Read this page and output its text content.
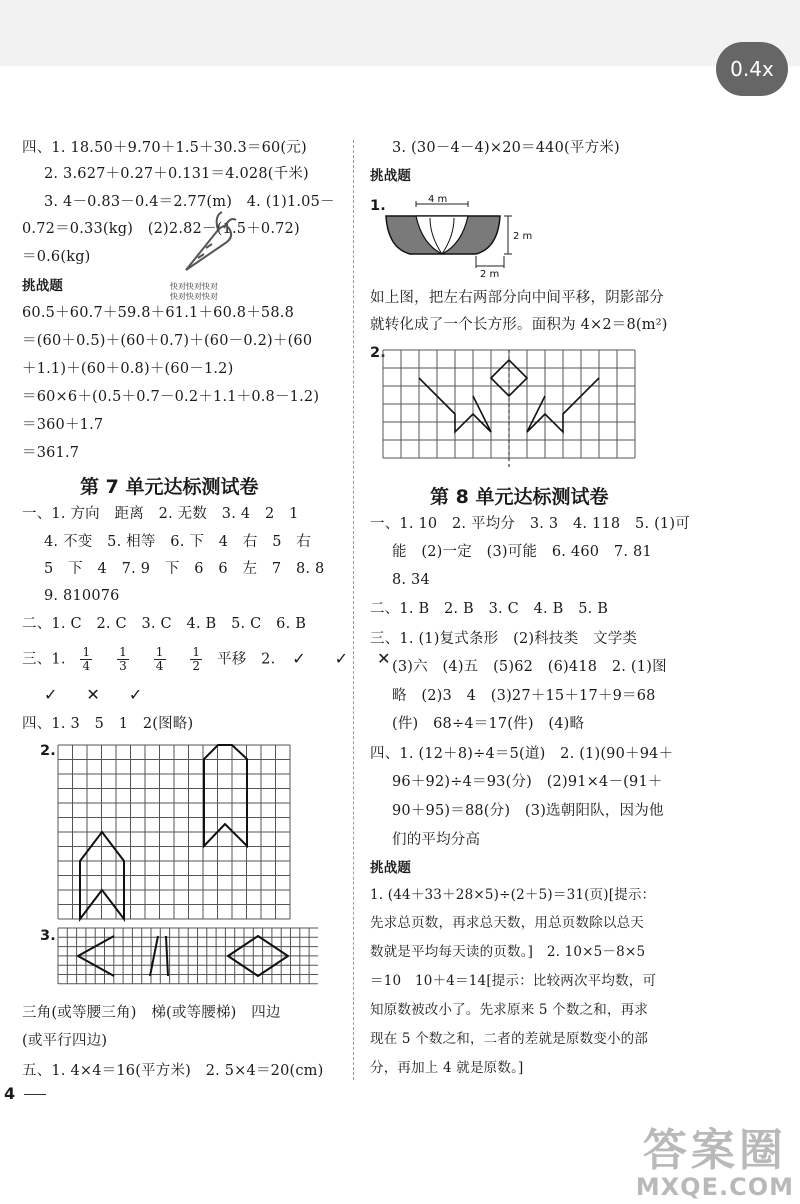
0.4x
四、1. 18.50＋9.70＋1.5＋30.3＝60(元)
2. 3.627＋0.27＋0.131＝4.028(千米)
3. 4－0.83－0.4＝2.77(m)　4. (1)1.05－
0.72＝0.33(kg)　(2)2.82－(1.5＋0.72)
＝0.6(kg)
快对快对快对
快对快对快对
挑战题
60.5＋60.7＋59.8＋61.1＋60.8＋58.8
＝(60＋0.5)＋(60＋0.7)＋(60－0.2)＋(60
＋1.1)＋(60＋0.8)＋(60－1.2)
＝60×6＋(0.5＋0.7－0.2＋1.1＋0.8－1.2)
＝360＋1.7
＝361.7
第 7 单元达标测试卷
一、1. 方向　距离　2. 无数　3. 4　2　1
4. 不变　5. 相等　6. 下　4　右　5　右
5　下　4　7. 9　下　6　6　左　7　8. 8
9. 810076
二、1. C　2. C　3. C　4. B　5. C　6. B
三、1. $\frac{1}{4}$
$\frac{1}{3}$
$\frac{1}{4}$
$\frac{1}{2}$ 平移　2. ✓ ✓ ✕
✓ ✕ ✓
四、1. 3　5　1　2(图略)
2.
3.
三角(或等腰三角)　梯(或等腰梯)　四边
(或平行四边)
五、1. 4×4＝16(平方米)　2. 5×4＝20(cm)
3. (30－4－4)×20＝440(平方米)
挑战题
1.	4 m
2 m
2 m
如上图，把左右两部分向中间平移，阴影部分
就转化成了一个长方形。面积为 4×2＝8(m²)
2.
第 8 单元达标测试卷
一、1. 10　2. 平均分　3. 3　4. 118　5. (1)可
能　(2)一定　(3)可能　6. 460　7. 81
8. 34
二、1. B　2. B　3. C　4. B　5. B
三、1. (1)复式条形　(2)科技类　文学类
(3)六　(4)五　(5)62　(6)418　2. (1)图
略　(2)3　4　(3)27＋15＋17＋9＝68
(件)　68÷4＝17(件)　(4)略
四、1. (12＋8)÷4＝5(道)　2. (1)(90＋94＋
96＋92)÷4＝93(分)　(2)91×4－(91＋
90＋95)＝88(分)　(3)选朝阳队，因为他
们的平均分高
挑战题
1. (44＋33＋28×5)÷(2＋5)＝31(页)[提示：
先求总页数，再求总天数，用总页数除以总天
数就是平均每天读的页数。]　2. 10×5－8×5
＝10　10＋4＝14[提示：比较两次平均数，可
知原数被改小了。先求原来 5 个数之和，再求
现在 5 个数之和，二者的差就是原数变小的部
分，再加上 4 就是原数。]
4
答案圈
MXQE.COM
